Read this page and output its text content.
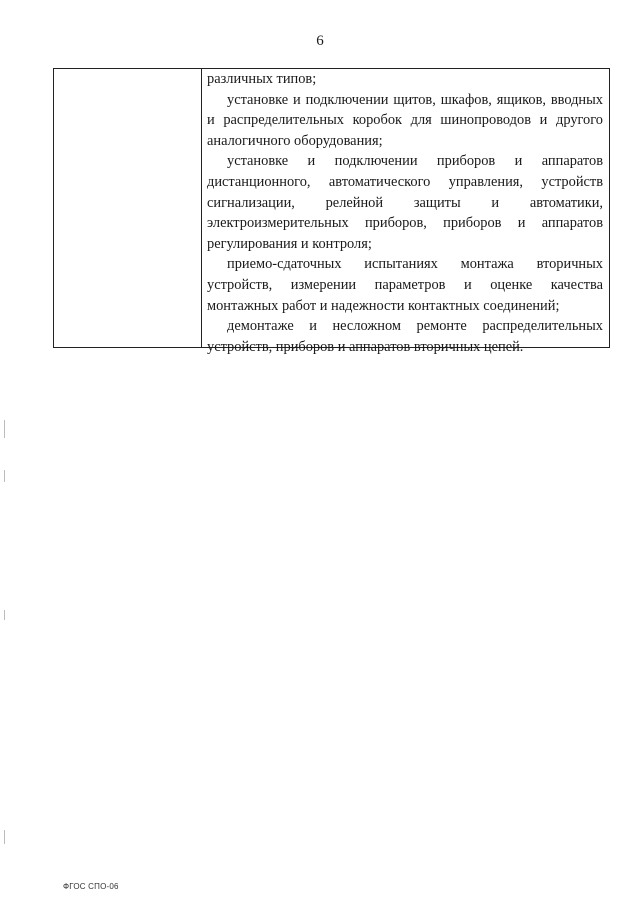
6

различных типов;

установке и подключении щитов, шкафов, ящиков, вводных и распределительных коробок для шинопроводов и другого аналогичного оборудования;

установке и подключении приборов и аппаратов дистанционного, автоматического управления, устройств сигнализации, релейной защиты и автоматики, электроизмерительных приборов, приборов и аппаратов регулирования и контроля;

приемо-сдаточных испытаниях монтажа вторичных устройств, измерении параметров и оценке качества монтажных работ и надежности контактных соединений;

демонтаже и несложном ремонте распределительных устройств, приборов и аппаратов вторичных цепей.

ФГОС СПО-06
